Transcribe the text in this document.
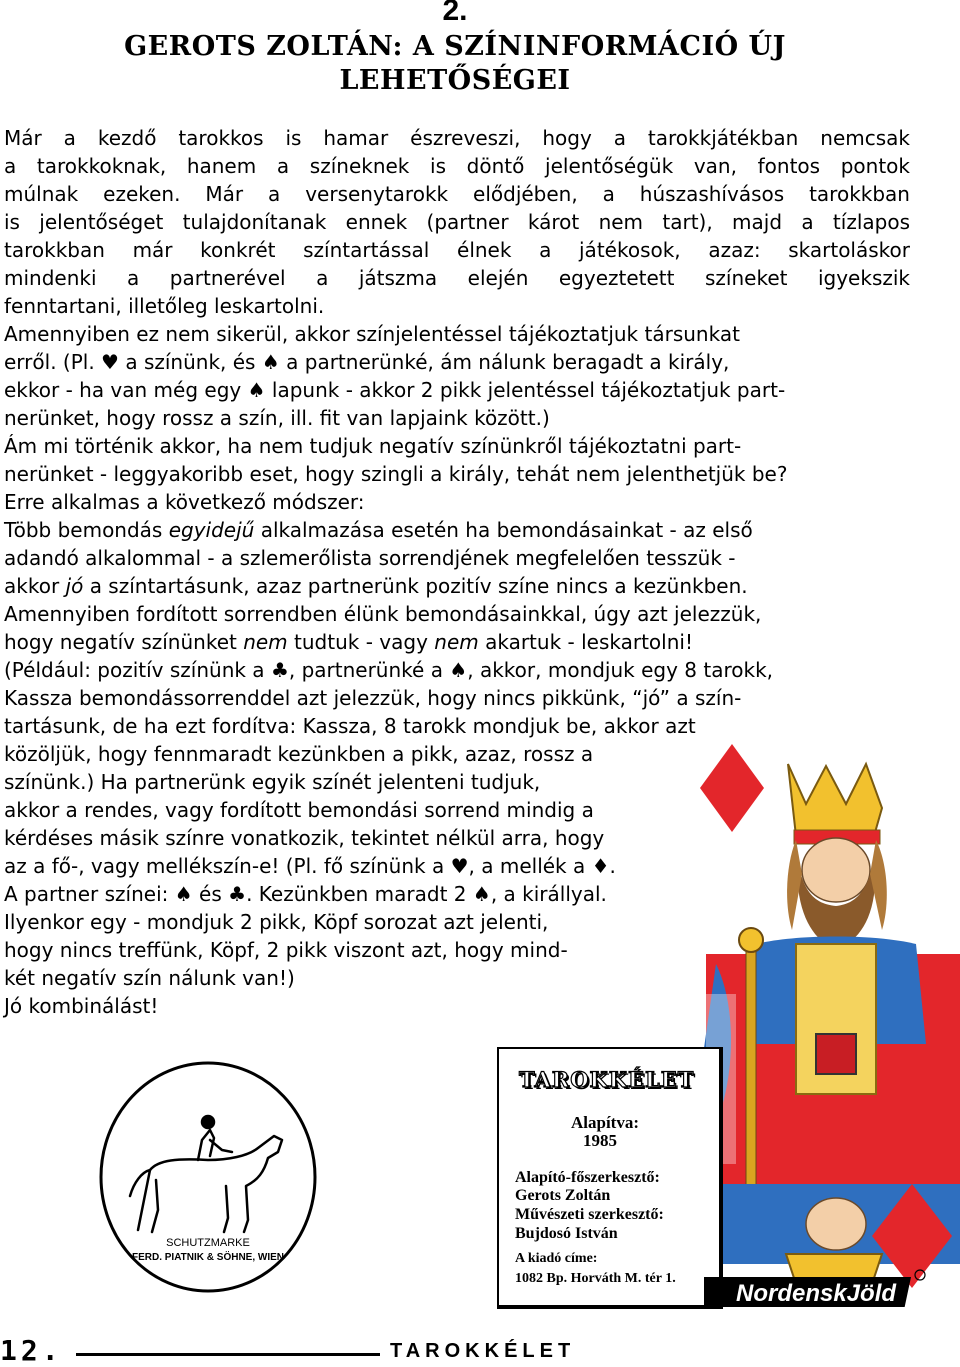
2.
GEROTS ZOLTÁN: A SZÍNINFORMÁCIÓ ÚJ
LEHETŐSÉGEI
Már a kezdő tarokkos is hamar észreveszi, hogy a tarokkjátékban nemcsak
a tarokkoknak, hanem a színeknek is döntő jelentőségük van, fontos pontok
múlnak ezeken. Már a versenytarokk elődjében, a húszashívásos tarokkban
is jelentőséget tulajdonítanak ennek (partner károt nem tart), majd a tízlapos
tarokkban már konkrét színtartással élnek a játékosok, azaz: skartoláskor
mindenki a partnerével a játszma elején egyeztetett színeket igyekszik
fenntartani, illetőleg leskartolni.
Amennyiben ez nem sikerül, akkor színjelentéssel tájékoztatjuk társunkat
erről. (Pl. ♥ a színünk, és ♠ a partnerünké, ám nálunk beragadt a király,
ekkor - ha van még egy ♠ lapunk - akkor 2 pikk jelentéssel tájékoztatjuk part-
nerünket, hogy rossz a szín, ill. fit van lapjaink között.)
Ám mi történik akkor, ha nem tudjuk negatív színünkről tájékoztatni part-
nerünket - leggyakoribb eset, hogy szingli a király, tehát nem jelenthetjük be?
Erre alkalmas a következő módszer:
Több bemondás egyidejű alkalmazása esetén ha bemondásainkat - az első
adandó alkalommal - a szlemerőlista sorrendjének megfelelően tesszük -
akkor jó a színtartásunk, azaz partnerünk pozitív színe nincs a kezünkben.
Amennyiben fordított sorrendben élünk bemondásainkkal, úgy azt jelezzük,
hogy negatív színünket nem tudtuk - vagy nem akartuk - leskartolni!
(Például: pozitív színünk a ♣, partnerünké a ♠, akkor, mondjuk egy 8 tarokk,
Kassza bemondássorrenddel azt jelezzük, hogy nincs pikkünk, “jó” a szín-
tartásunk, de ha ezt fordítva: Kassza, 8 tarokk mondjuk be, akkor azt
közöljük, hogy fennmaradt kezünkben a pikk, azaz, rossz a
színünk.) Ha partnerünk egyik színét jelenteni tudjuk,
akkor a rendes, vagy fordított bemondási sorrend mindig a
kérdéses másik színre vonatkozik, tekintet nélkül arra, hogy
az a fő-, vagy mellékszín-e! (Pl. fő színünk a ♥, a mellék a ♦.
A partner színei: ♠ és ♣. Kezünkben maradt 2 ♠, a királlyal.
Ilyenkor egy - mondjuk 2 pikk, Köpf sorozat azt jelenti,
hogy nincs treffünk, Köpf, 2 pikk viszont azt, hogy mind-
két negatív szín nálunk van!)
Jó kombinálást!
SCHUTZMARKE
FERD. PIATNIK & SÖHNE, WIEN
TAROKKÉLET
Alapítva:
1985
Alapító-főszerkesztő:
Gerots Zoltán
Művészeti szerkesztő:
Bujdosó István
A kiadó címe:
1082 Bp. Horváth M. tér 1.
NordenskJöld
12.	TAROKKÉLET
